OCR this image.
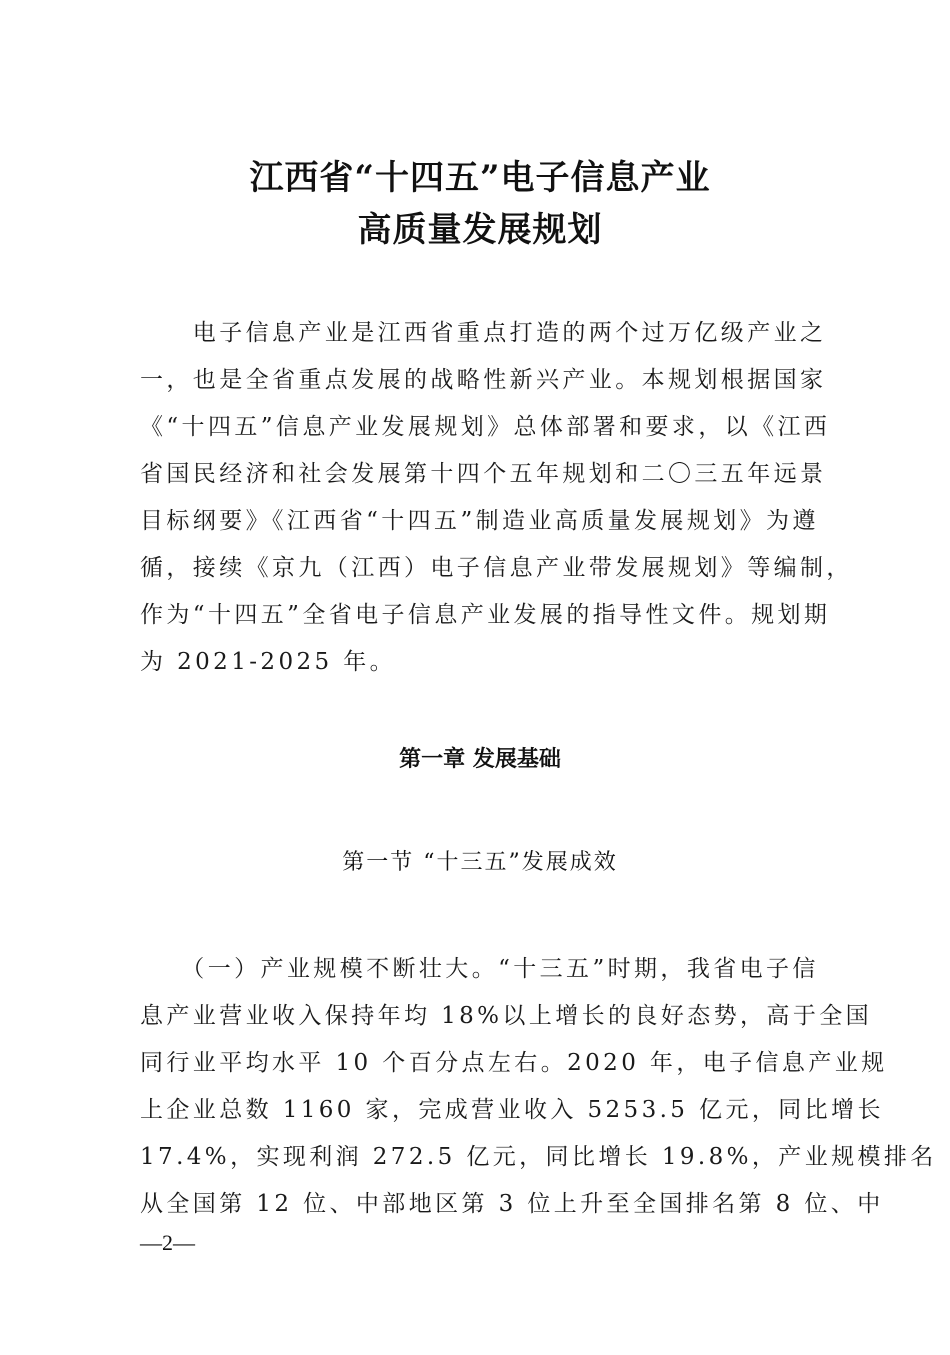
江西省“十四五”电子信息产业
高质量发展规划
　　电子信息产业是江西省重点打造的两个过万亿级产业之
一，也是全省重点发展的战略性新兴产业。本规划根据国家
《“十四五”信息产业发展规划》总体部署和要求，以《江西
省国民经济和社会发展第十四个五年规划和二〇三五年远景
目标纲要》《江西省“十四五”制造业高质量发展规划》为遵
循，接续《京九（江西）电子信息产业带发展规划》等编制，
作为“十四五”全省电子信息产业发展的指导性文件。规划期
为 2021-2025 年。
第一章 发展基础
第一节 “十三五”发展成效
　　（一）产业规模不断壮大。“十三五”时期，我省电子信
息产业营业收入保持年均 18%以上增长的良好态势，高于全国
同行业平均水平 10 个百分点左右。2020 年，电子信息产业规
上企业总数 1160 家，完成营业收入 5253.5 亿元，同比增长
17.4%，实现利润 272.5 亿元，同比增长 19.8%，产业规模排名
从全国第 12 位、中部地区第 3 位上升至全国排名第 8 位、中
—2—
